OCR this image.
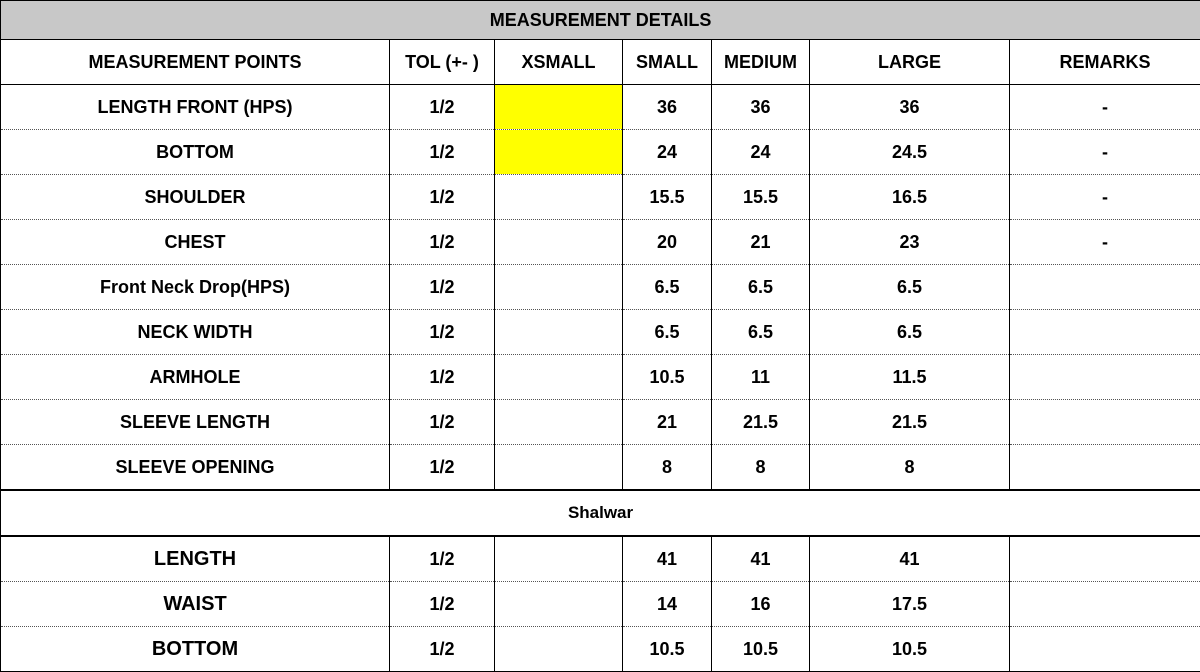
MEASUREMENT DETAILS						
MEASUREMENT POINTS	TOL (+- )	XSMALL	SMALL	MEDIUM	LARGE	REMARKS
LENGTH FRONT (HPS)	1/2		36	36	36	-
BOTTOM	1/2		24	24	24.5	-
SHOULDER	1/2		15.5	15.5	16.5	-
CHEST	1/2		20	21	23	-
Front Neck Drop(HPS)	1/2		6.5	6.5	6.5	
NECK WIDTH	1/2		6.5	6.5	6.5	
ARMHOLE	1/2		10.5	11	11.5	
SLEEVE LENGTH	1/2		21	21.5	21.5	
SLEEVE OPENING	1/2		8	8	8	
Shalwar						
LENGTH	1/2		41	41	41	
WAIST	1/2		14	16	17.5	
BOTTOM	1/2		10.5	10.5	10.5	
